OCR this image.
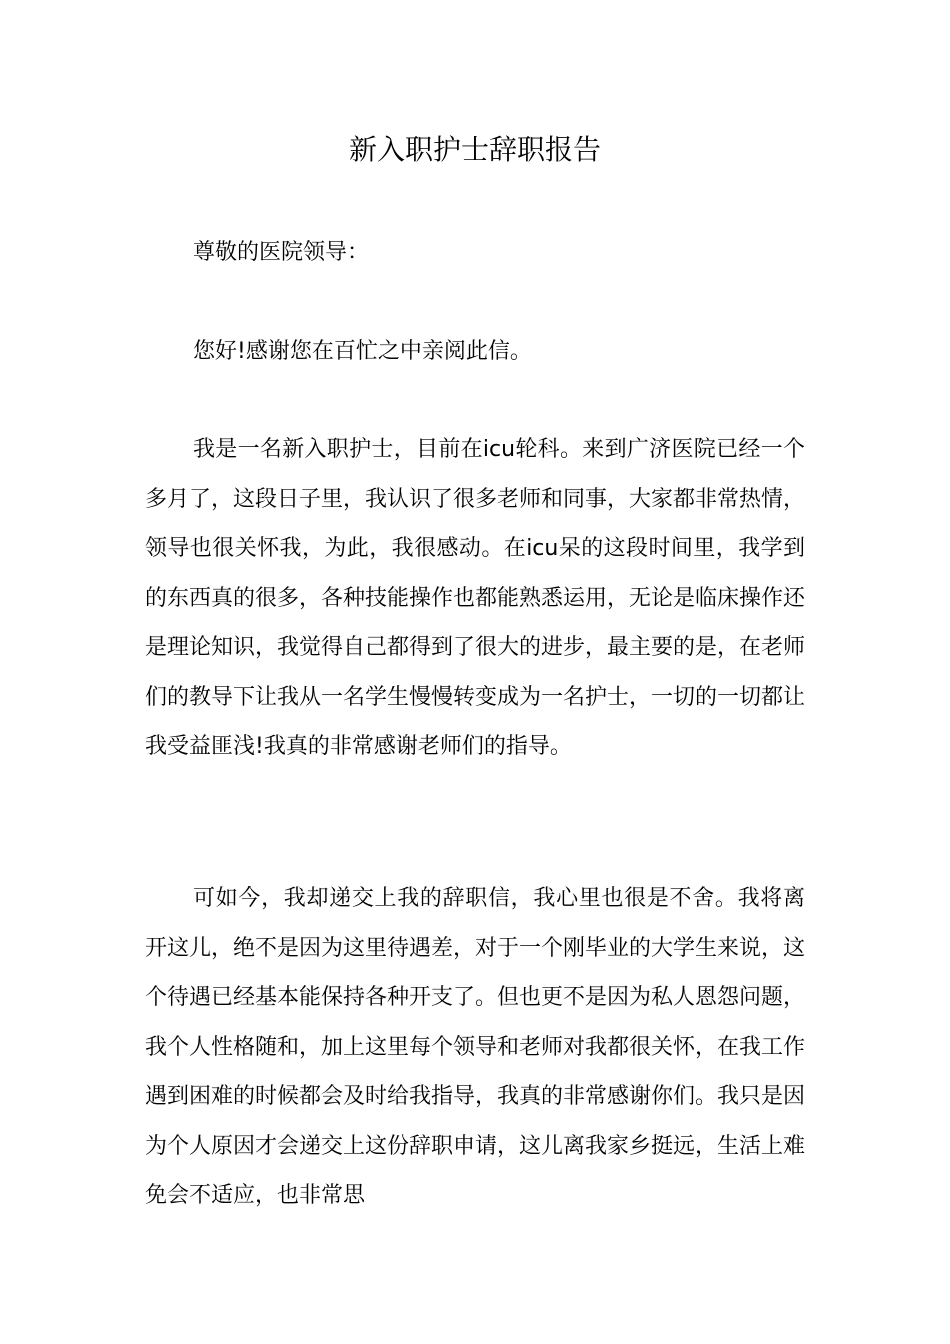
新入职护士辞职报告

尊敬的医院领导：

您好!感谢您在百忙之中亲阅此信。

我是一名新入职护士，目前在icu轮科。来到广济医院已经一个多月了，这段日子里，我认识了很多老师和同事，大家都非常热情，领导也很关怀我，为此，我很感动。在icu呆的这段时间里，我学到的东西真的很多，各种技能操作也都能熟悉运用，无论是临床操作还是理论知识，我觉得自己都得到了很大的进步，最主要的是，在老师们的教导下让我从一名学生慢慢转变成为一名护士，一切的一切都让我受益匪浅!我真的非常感谢老师们的指导。

可如今，我却递交上我的辞职信，我心里也很是不舍。我将离开这儿，绝不是因为这里待遇差，对于一个刚毕业的大学生来说，这个待遇已经基本能保持各种开支了。但也更不是因为私人恩怨问题，我个人性格随和，加上这里每个领导和老师对我都很关怀，在我工作遇到困难的时候都会及时给我指导，我真的非常感谢你们。我只是因为个人原因才会递交上这份辞职申请，这儿离我家乡挺远，生活上难免会不适应，也非常思
